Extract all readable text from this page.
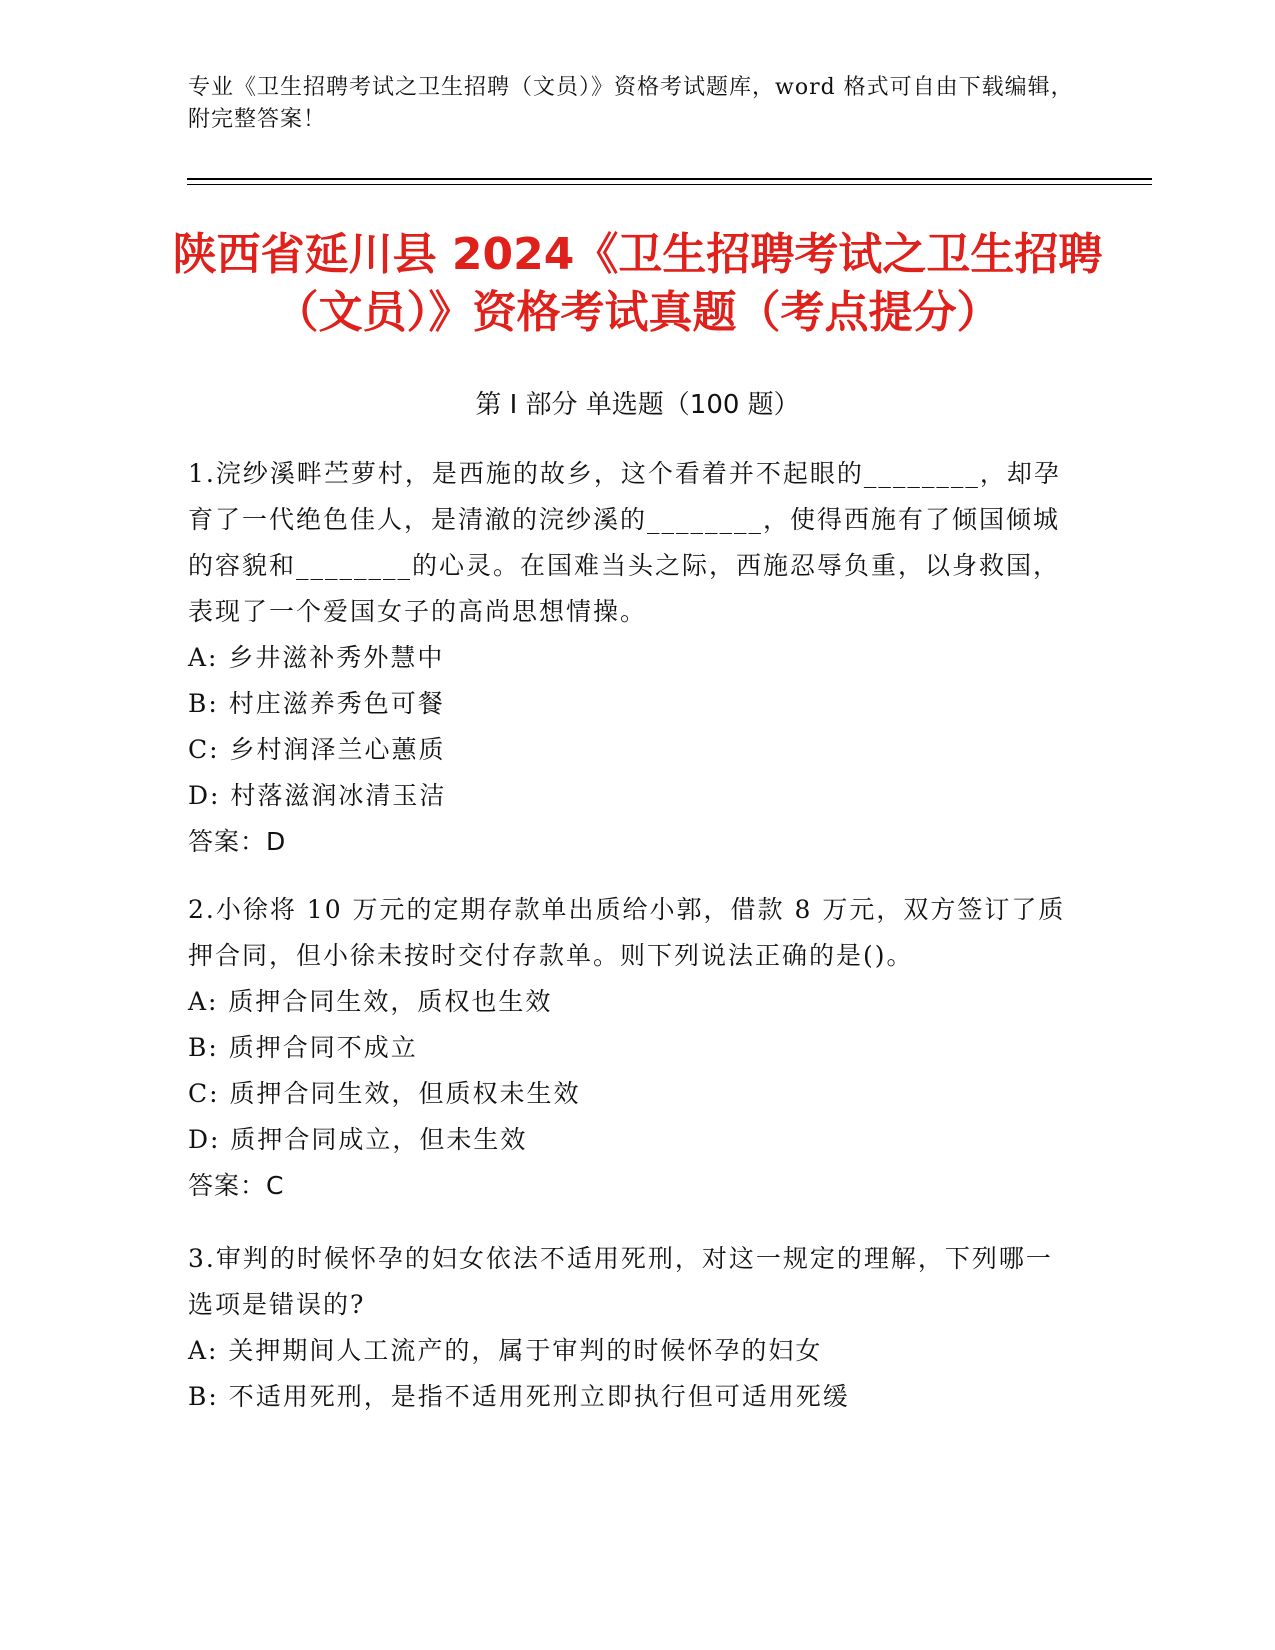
专业《卫生招聘考试之卫生招聘（文员）》资格考试题库，word 格式可自由下载编辑，附完整答案！
陕西省延川县 2024《卫生招聘考试之卫生招聘（文员）》资格考试真题（考点提分）
第 I 部分 单选题（100 题）
1.浣纱溪畔苎萝村，是西施的故乡，这个看着并不起眼的________，却孕育了一代绝色佳人，是清澈的浣纱溪的________，使得西施有了倾国倾城的容貌和________的心灵。在国难当头之际，西施忍辱负重，以身救国，表现了一个爱国女子的高尚思想情操。
A: 乡井滋补秀外慧中
B: 村庄滋养秀色可餐
C: 乡村润泽兰心蕙质
D: 村落滋润冰清玉洁
答案：D
2.小徐将 10 万元的定期存款单出质给小郭，借款 8 万元，双方签订了质押合同，但小徐未按时交付存款单。则下列说法正确的是()。
A: 质押合同生效，质权也生效
B: 质押合同不成立
C: 质押合同生效，但质权未生效
D: 质押合同成立，但未生效
答案：C
3.审判的时候怀孕的妇女依法不适用死刑，对这一规定的理解，下列哪一选项是错误的?
A: 关押期间人工流产的，属于审判的时候怀孕的妇女
B: 不适用死刑，是指不适用死刑立即执行但可适用死缓
